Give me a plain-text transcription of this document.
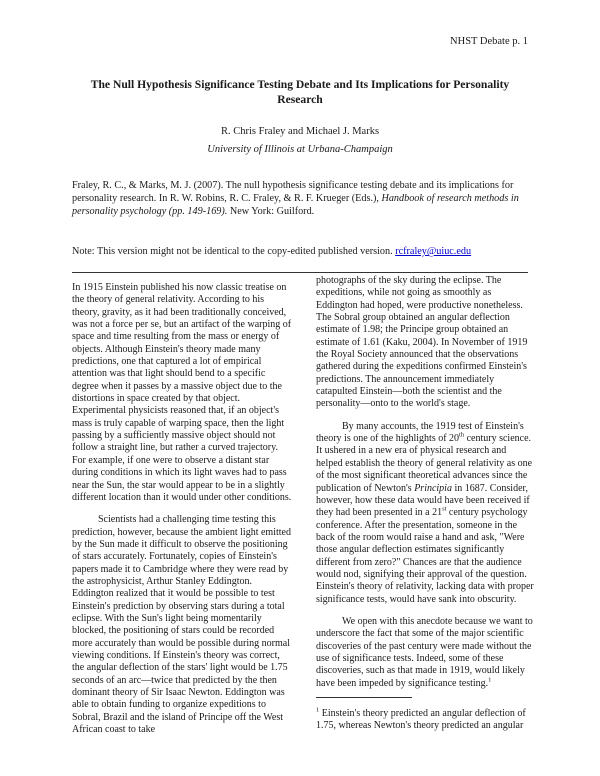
NHST Debate p. 1
The Null Hypothesis Significance Testing Debate and Its Implications for Personality Research
R. Chris Fraley and Michael J. Marks
University of Illinois at Urbana-Champaign
Fraley, R. C., & Marks, M. J. (2007). The null hypothesis significance testing debate and its implications for personality research. In R. W. Robins, R. C. Fraley, & R. F. Krueger (Eds.), Handbook of research methods in personality psychology (pp. 149-169). New York: Guilford.
Note: This version might not be identical to the copy-edited published version. rcfraley@uiuc.edu

In 1915 Einstein published his now classic treatise on the theory of general relativity. According to his theory, gravity, as it had been traditionally conceived, was not a force per se, but an artifact of the warping of space and time resulting from the mass or energy of objects. Although Einstein's theory made many predictions, one that captured a lot of empirical attention was that light should bend to a specific degree when it passes by a massive object due to the distortions in space created by that object. Experimental physicists reasoned that, if an object's mass is truly capable of warping space, then the light passing by a sufficiently massive object should not follow a straight line, but rather a curved trajectory. For example, if one were to observe a distant star during conditions in which its light waves had to pass near the Sun, the star would appear to be in a slightly different location than it would under other conditions.

Scientists had a challenging time testing this prediction, however, because the ambient light emitted by the Sun made it difficult to observe the positioning of stars accurately. Fortunately, copies of Einstein's papers made it to Cambridge where they were read by the astrophysicist, Arthur Stanley Eddington. Eddington realized that it would be possible to test Einstein's prediction by observing stars during a total eclipse. With the Sun's light being momentarily blocked, the positioning of stars could be recorded more accurately than would be possible during normal viewing conditions. If Einstein's theory was correct, the angular deflection of the stars' light would be 1.75 seconds of an arc—twice that predicted by the then dominant theory of Sir Isaac Newton. Eddington was able to obtain funding to organize expeditions to Sobral, Brazil and the island of Principe off the West African coast to take

photographs of the sky during the eclipse. The expeditions, while not going as smoothly as Eddington had hoped, were productive nonetheless. The Sobral group obtained an angular deflection estimate of 1.98; the Principe group obtained an estimate of 1.61 (Kaku, 2004). In November of 1919 the Royal Society announced that the observations gathered during the expeditions confirmed Einstein's predictions. The announcement immediately catapulted Einstein—both the scientist and the personality—onto to the world's stage.

By many accounts, the 1919 test of Einstein's theory is one of the highlights of 20th century science. It ushered in a new era of physical research and helped establish the theory of general relativity as one of the most significant theoretical advances since the publication of Newton's Principia in 1687. Consider, however, how these data would have been received if they had been presented in a 21st century psychology conference. After the presentation, someone in the back of the room would raise a hand and ask, "Were those angular deflection estimates significantly different from zero?" Chances are that the audience would nod, signifying their approval of the question. Einstein's theory of relativity, lacking data with proper significance tests, would have sank into obscurity.

We open with this anecdote because we want to underscore the fact that some of the major scientific discoveries of the past century were made without the use of significance tests. Indeed, some of these discoveries, such as that made in 1919, would likely have been impeded by significance testing.$^1$

$^1$ Einstein's theory predicted an angular deflection of 1.75, whereas Newton's theory predicted an angular
